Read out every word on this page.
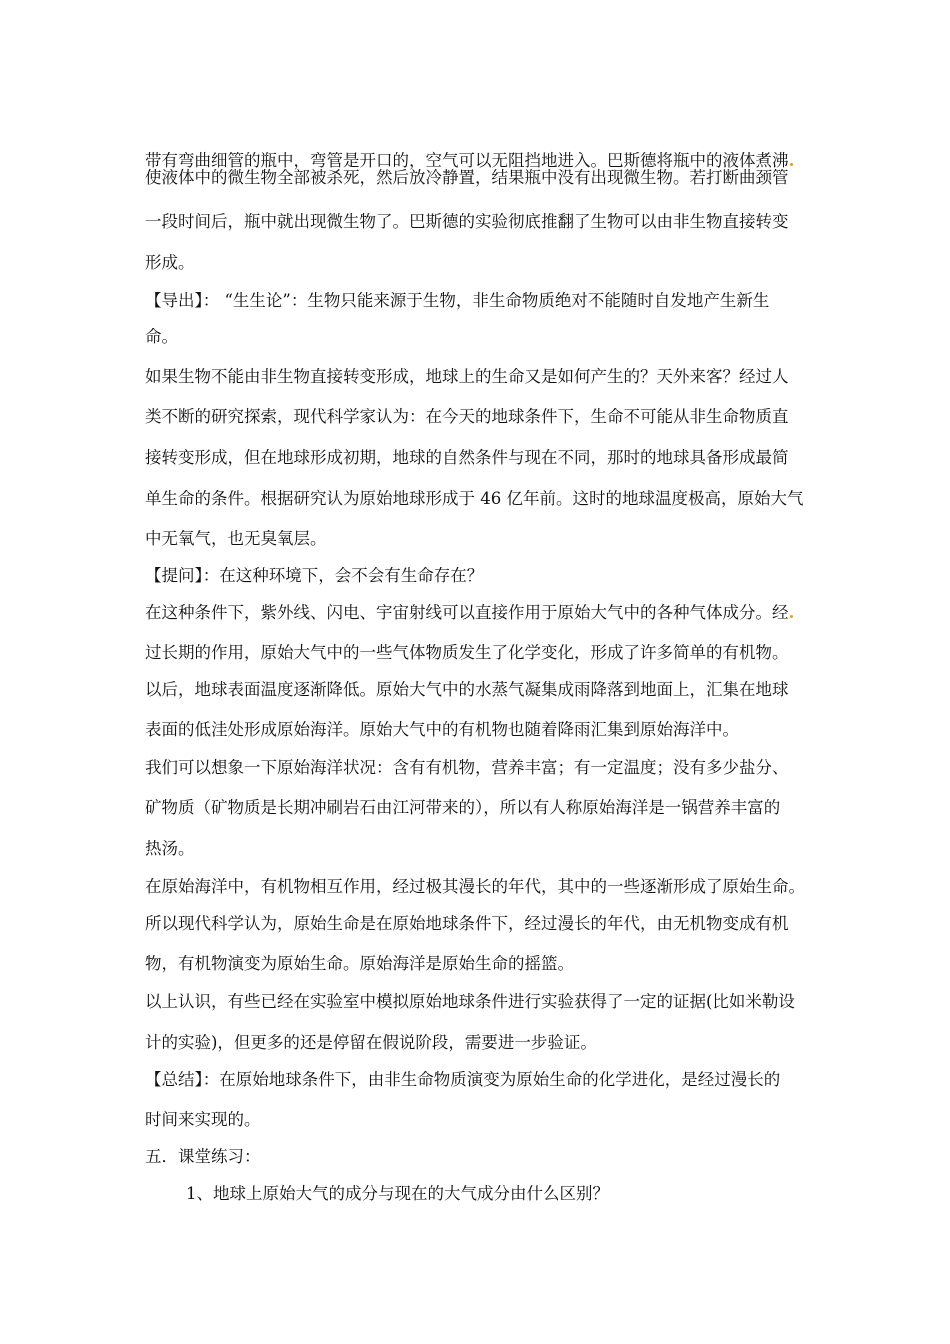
带有弯曲细管的瓶中，弯管是开口的，空气可以无阻挡地进入。巴斯德将瓶中的液体煮沸
使液体中的微生物全部被杀死，然后放冷静置，结果瓶中没有出现微生物。若打断曲颈管
一段时间后，瓶中就出现微生物了。巴斯德的实验彻底推翻了生物可以由非生物直接转变
形成。
【导出】： “生生论”：生物只能来源于生物，非生命物质绝对不能随时自发地产生新生
命。
如果生物不能由非生物直接转变形成，地球上的生命又是如何产生的？天外来客？经过人
类不断的研究探索，现代科学家认为：在今天的地球条件下，生命不可能从非生命物质直
接转变形成，但在地球形成初期，地球的自然条件与现在不同，那时的地球具备形成最简
单生命的条件。根据研究认为原始地球形成于 46 亿年前。这时的地球温度极高，原始大气
中无氧气，也无臭氧层。
【提问】：在这种环境下，会不会有生命存在？
在这种条件下，紫外线、闪电、宇宙射线可以直接作用于原始大气中的各种气体成分。经
过长期的作用，原始大气中的一些气体物质发生了化学变化，形成了许多简单的有机物。
以后，地球表面温度逐渐降低。原始大气中的水蒸气凝集成雨降落到地面上，汇集在地球
表面的低洼处形成原始海洋。原始大气中的有机物也随着降雨汇集到原始海洋中。
我们可以想象一下原始海洋状况：含有有机物，营养丰富；有一定温度；没有多少盐分、
矿物质（矿物质是长期冲刷岩石由江河带来的），所以有人称原始海洋是一锅营养丰富的
热汤。
在原始海洋中，有机物相互作用，经过极其漫长的年代，其中的一些逐渐形成了原始生命。
所以现代科学认为，原始生命是在原始地球条件下，经过漫长的年代，由无机物变成有机
物，有机物演变为原始生命。原始海洋是原始生命的摇篮。
以上认识，有些已经在实验室中模拟原始地球条件进行实验获得了一定的证据(比如米勒设
计的实验)，但更多的还是停留在假说阶段，需要进一步验证。
【总结】：在原始地球条件下，由非生命物质演变为原始生命的化学进化，是经过漫长的
时间来实现的。
五．课堂练习：
1、地球上原始大气的成分与现在的大气成分由什么区别？
